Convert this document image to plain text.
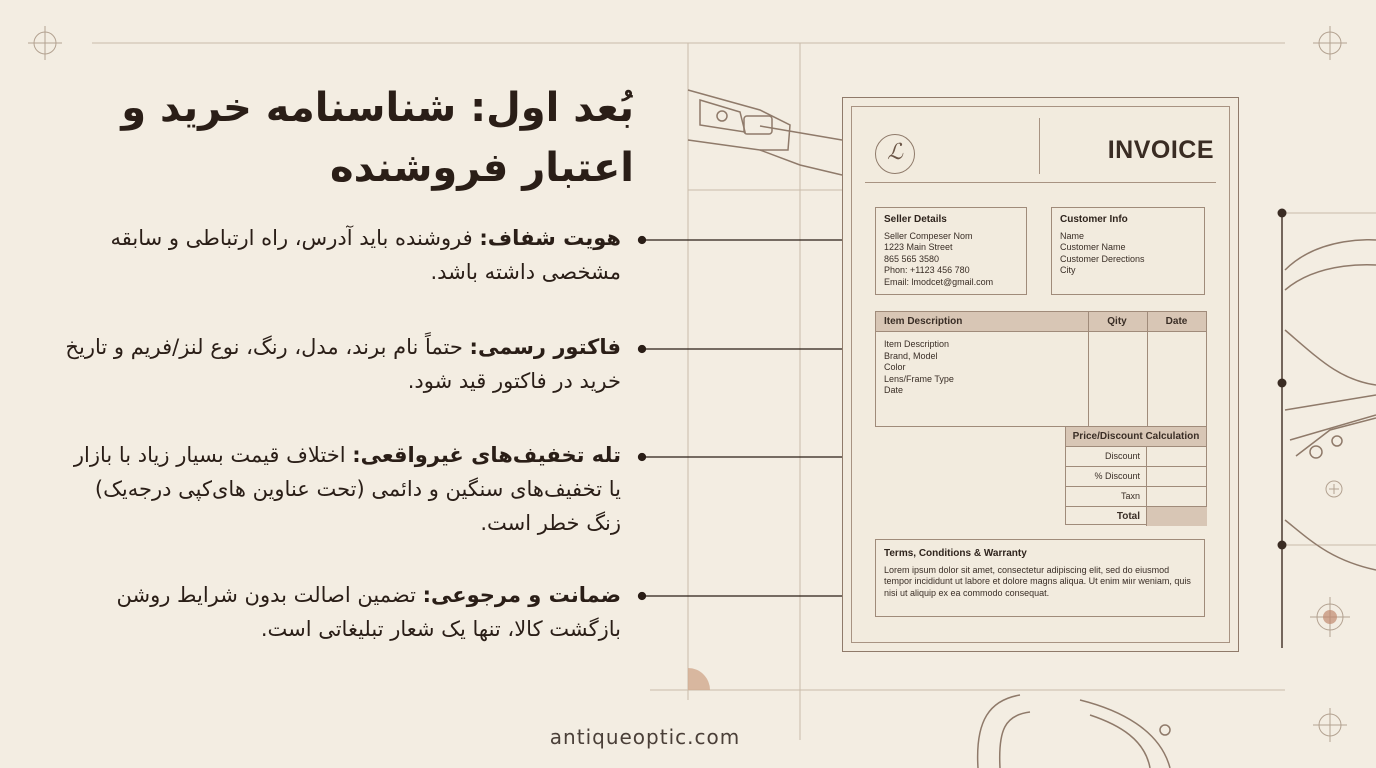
بُعد اول: شناسنامه خرید و
اعتبار فروشنده
هویت شفاف: فروشنده باید آدرس، راه ارتباطی و سابقه مشخصی داشته باشد.
فاکتور رسمی: حتماً نام برند، مدل، رنگ، نوع لنز/فریم و تاریخ خرید در فاکتور قید شود.
تله تخفیف‌های غیرواقعی: اختلاف قیمت بسیار زیاد با بازار یا تخفیف‌های سنگین و دائمی (تحت عناوین های‌کپی درجه‌یک) زنگ خطر است.
ضمانت و مرجوعی: تضمین اصالت بدون شرایط روشن بازگشت کالا، تنها یک شعار تبلیغاتی است.
ℒ	INVOICE
Seller Details
Seller Compeser Nom
1223 Main Street
865 565 3580
Phon: +1123 456 780
Email: lmodcet@gmail.com
Customer Info
Name
Customer Name
Customer Derections
City
Item Description	Qity	Date
Item Description
Brand, Model
Color
Lens/Frame Type
Date
Price/Discount Calculation
Discount
% Discount
Taxn
Total
Terms, Conditions & Warranty
Lorem ipsum dolor sit amet, consectetur adipiscing elit, sed do eiusmod
tempor incididunt ut labore et dolore magns aliqua. Ut enim мiır weniam, quis
nisi ut aliquip ex ea commodo consequat.
antiqueoptic.com
